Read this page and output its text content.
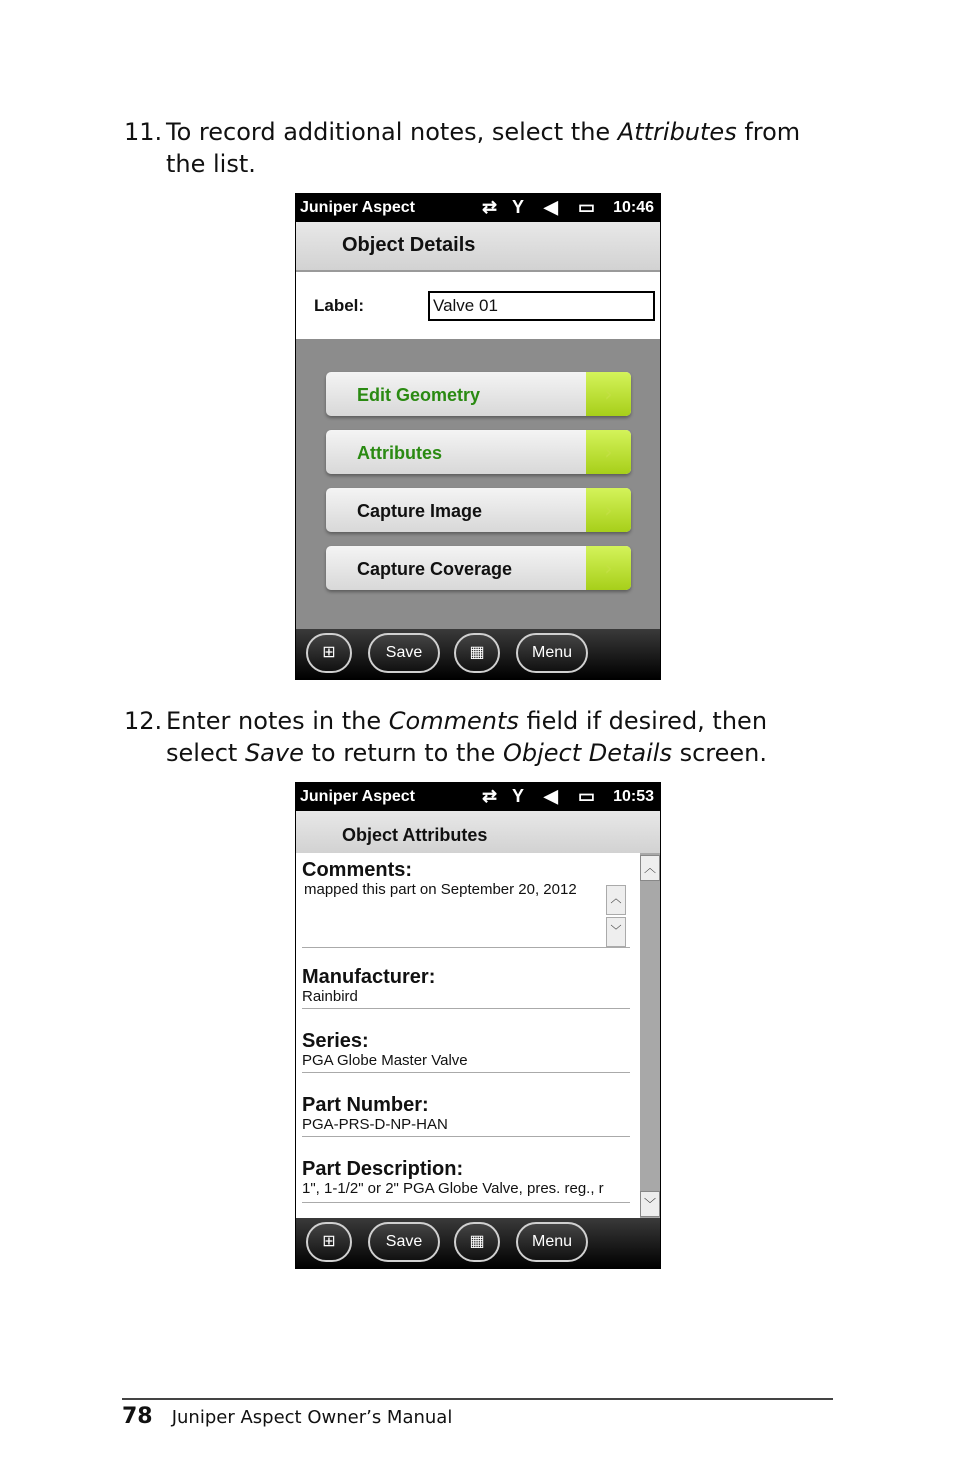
11. To record additional notes, select the Attributes from the list.
Juniper Aspect	⇄ Y ◀ ▭ 10:46
Object Details
Label:	Valve 01
Edit Geometry	›
Attributes	›
Capture Image	›
Capture Coverage	›
⊞	Save	▦	Menu
12. Enter notes in the Comments field if desired, then select Save to return to the Object Details screen.
Juniper Aspect	⇄ Y ◀ ▭ 10:53
Object Attributes
Comments:
mapped this part on September 20, 2012
︿
﹀
Manufacturer:
Rainbird
Series:
PGA Globe Master Valve
Part Number:
PGA-PRS-D-NP-HAN
Part Description:
1", 1-1/2" or 2" PGA Globe Valve, pres. reg., r
︿
﹀
⊞	Save	▦	Menu
78 Juniper Aspect Owner’s Manual
